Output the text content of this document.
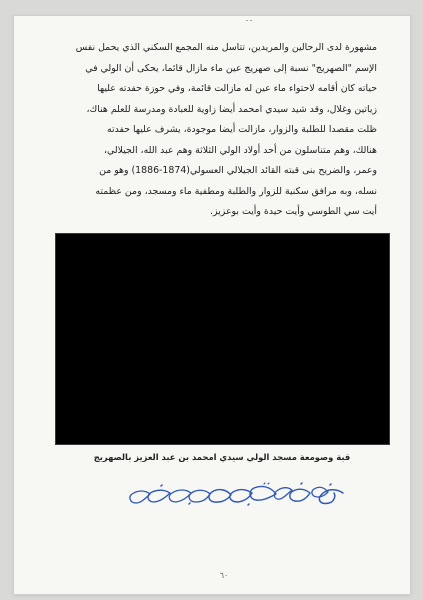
ـ ـ
مشهورة لدى الرحالين والمريدين، تتاسل منه المجمع السكني الذي يحمل نفس
الإسم "الصهريج" نسبة إلى صهريج عين ماء مازال قائما، يحكى أن الولي في
حياته كان أقامه لاحتواء ماء عين له مازالت قائمة، وفي حوزة حفدته عليها
زياتين وغلال، وقد شيد سيدي امحمد أيضا زاوية للعبادة ومدرسة للعلم هناك،
ظلت مقصدا للطلبة والزوار، مازالت أيضا موجودة، يشرف عليها حفدته
هنالك، وهم متناسلون من أحد أولاد الولي الثلاثة وهم عبد الله، الجيلالي،
وعمر، والضريح بنى قبته القائد الجيلالي العسولي(1874-1886) وهو من
نسله، وبه مرافق سكنية للزوار والطلبة ومطفية ماء ومسجد، ومن عظمته
أيت سي الطوسي وأيت حيدة وأيت بوعزيز.
قبة وصومعة مسجد الولي سيدي امحمد بن عبد العزيز بالصهريج
٦٠
